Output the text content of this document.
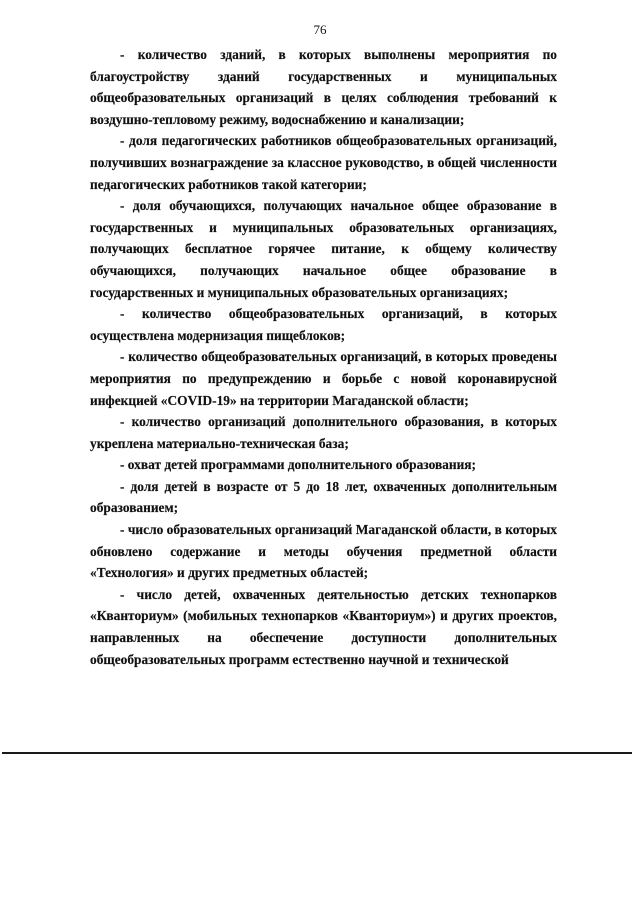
76

- количество зданий, в которых выполнены мероприятия по благоустройству зданий государственных и муниципальных общеобразовательных организаций в целях соблюдения требований к воздушно-тепловому режиму, водоснабжению и канализации;

- доля педагогических работников общеобразовательных организаций, получивших вознаграждение за классное руководство, в общей численности педагогических работников такой категории;

- доля обучающихся, получающих начальное общее образование в государственных и муниципальных образовательных организациях, получающих бесплатное горячее питание, к общему количеству обучающихся, получающих начальное общее образование в государственных и муниципальных образовательных организациях;

- количество общеобразовательных организаций, в которых осуществлена модернизация пищеблоков;

- количество общеобразовательных организаций, в которых проведены мероприятия по предупреждению и борьбе с новой коронавирусной инфекцией «COVID-19» на территории Магаданской области;

- количество организаций дополнительного образования, в которых укреплена материально-техническая база;

- охват детей программами дополнительного образования;

- доля детей в возрасте от 5 до 18 лет, охваченных дополнительным образованием;

- число образовательных организаций Магаданской области, в которых обновлено содержание и методы обучения предметной области «Технология» и других предметных областей;

- число детей, охваченных деятельностью детских технопарков «Кванториум» (мобильных технопарков «Кванториум») и других проектов, направленных на обеспечение доступности дополнительных общеобразовательных программ естественно научной и технической
